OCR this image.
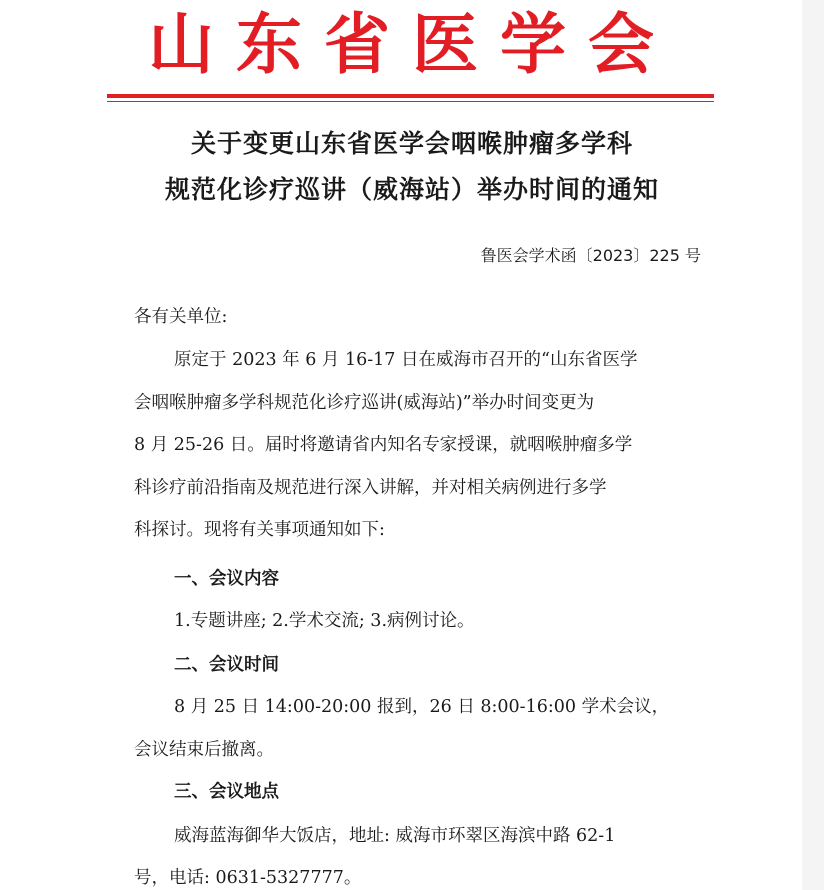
山东省医学会
关于变更山东省医学会咽喉肿瘤多学科
规范化诊疗巡讲（威海站）举办时间的通知
鲁医会学术函〔2023〕225 号
各有关单位:
原定于 2023 年 6 月 16-17 日在威海市召开的“山东省医学
会咽喉肿瘤多学科规范化诊疗巡讲(威海站)”举办时间变更为
8 月 25-26 日。届时将邀请省内知名专家授课，就咽喉肿瘤多学
科诊疗前沿指南及规范进行深入讲解，并对相关病例进行多学
科探讨。现将有关事项通知如下:
一、会议内容
1.专题讲座; 2.学术交流; 3.病例讨论。
二、会议时间
8 月 25 日 14:00-20:00 报到，26 日 8:00-16:00 学术会议，
会议结束后撤离。
三、会议地点
威海蓝海御华大饭店，地址: 威海市环翠区海滨中路 62-1
号，电话: 0631-5327777。
